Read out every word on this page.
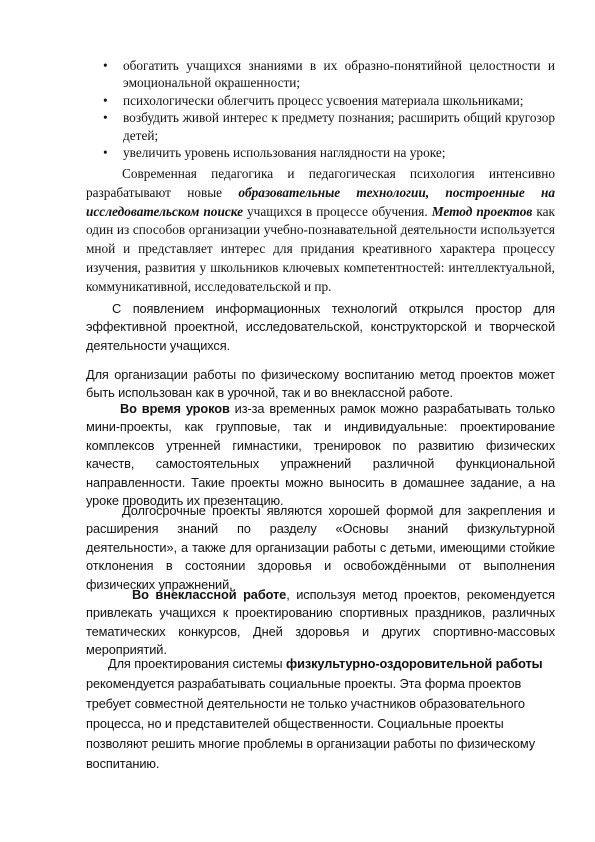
• обогатить учащихся знаниями в их образно-понятийной целостности и эмоциональной окрашенности;
• психологически облегчить процесс усвоения материала школьниками;
• возбудить живой интерес к предмету познания; расширить общий кругозор детей;
• увеличить уровень использования наглядности на уроке;

Современная педагогика и педагогическая психология интенсивно разрабатывают новые образовательные технологии, построенные на исследовательском поиске учащихся в процессе обучения. Метод проектов как один из способов организации учебно-познавательной деятельности используется мной и представляет интерес для придания креативного характера процессу изучения, развития у школьников ключевых компетентностей: интеллектуальной, коммуникативной, исследовательской и пр.

С появлением информационных технологий открылся простор для эффективной проектной, исследовательской, конструкторской и творческой деятельности учащихся.

Для организации работы по физическому воспитанию метод проектов может быть использован как в урочной, так и во внеклассной работе.

Во время уроков из-за временных рамок можно разрабатывать только мини-проекты, как групповые, так и индивидуальные: проектирование комплексов утренней гимнастики, тренировок по развитию физических качеств, самостоятельных упражнений различной функциональной направленности. Такие проекты можно выносить в домашнее задание, а на уроке проводить их презентацию.

Долгосрочные проекты являются хорошей формой для закрепления и расширения знаний по разделу «Основы знаний физкультурной деятельности», а также для организации работы с детьми, имеющими стойкие отклонения в состоянии здоровья и освобождёнными от выполнения физических упражнений.

Во внеклассной работе, используя метод проектов, рекомендуется привлекать учащихся к проектированию спортивных праздников, различных тематических конкурсов, Дней здоровья и других спортивно-массовых мероприятий.

Для проектирования системы физкультурно-оздоровительной работы рекомендуется разрабатывать социальные проекты. Эта форма проектов требует совместной деятельности не только участников образовательного процесса, но и представителей общественности. Социальные проекты позволяют решить многие проблемы в организации работы по физическому воспитанию.
